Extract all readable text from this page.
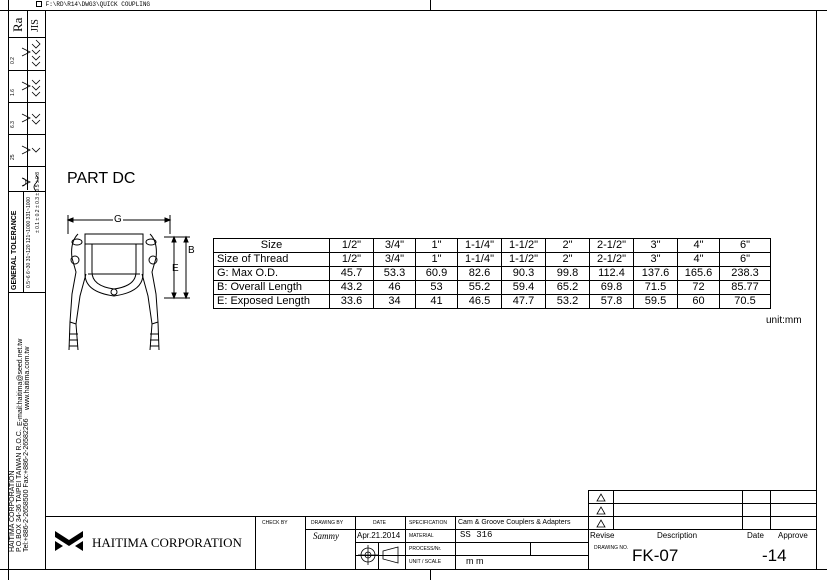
F:\RD\R14\DWG3\QUICK COUPLING
Ra JIS
0.2
1.6
6.3
25
GENERAL TOLERANCE 0.5~6 6~30 31~120 121~1000 331~1000 ± 0.1 ± 0.2 ± 0.3 ± 0.5 ± 0.8
HAITIMA CORPORATION P.O.BOX 34-36 TAIPEI TAIWAN R.O.C. Tel:+886-2-2658500 Fax:+886-2-26582266
E-mail:haitima@seed.net.tw www.haitima.com.tw
PART DC
G
E
B	Size	1/2"	3/4"	1"	1-1/4"	1-1/2"	2"	2-1/2"	3"	4"	6"
Size of Thread	1/2"	3/4"	1"	1-1/4"	1-1/2"	2"	2-1/2"	3"	4"	6"
G: Max O.D.	45.7	53.3	60.9	82.6	90.3	99.8	112.4	137.6	165.6	238.3
B: Overall Length	43.2	46	53	55.2	59.4	65.2	69.8	71.5	72	85.77
E: Exposed Length	33.6	34	41	46.5	47.7	53.2	57.8	59.5	60	70.5
unit:mm
HAITIMA CORPORATION
CHECK BY	DRAWING BY	DATE
Sammy Apr.21.2014
SPECIFICATION Cam & Groove Couplers & Adapters
MATERIAL	SS 316
PROCESS/Nr.
UNIT / SCALE	m m
Revise	Description	Date Approve
DRAWING NO. FK-07	-14
